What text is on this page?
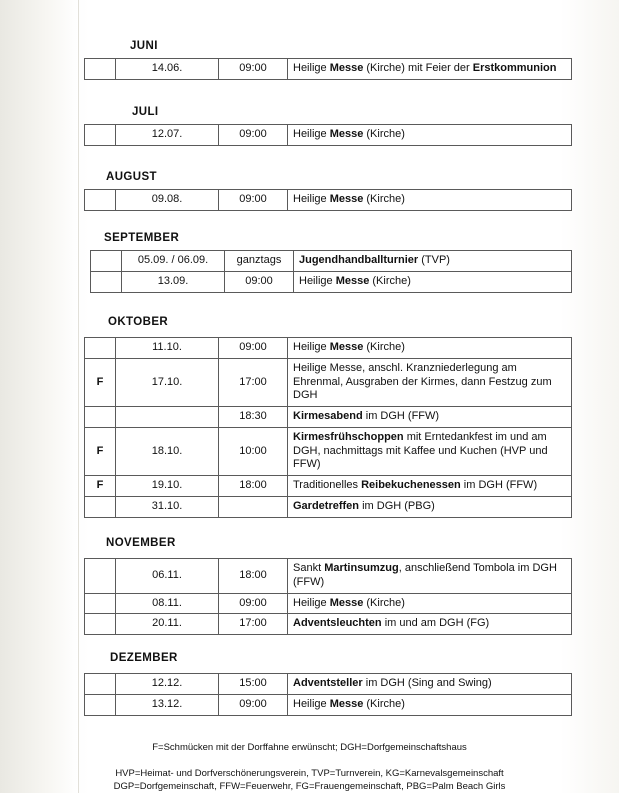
JUNI
	14.06.	09:00	Heilige Messe (Kirche) mit Feier der Erstkommunion
JULI
	12.07.	09:00	Heilige Messe (Kirche)
AUGUST
	09.08.	09:00	Heilige Messe (Kirche)
SEPTEMBER
	05.09. / 06.09.	ganztags	Jugendhandballturnier (TVP)
	13.09.	09:00	Heilige Messe (Kirche)
OKTOBER
	11.10.	09:00	Heilige Messe (Kirche)
F	17.10.	17:00	Heilige Messe, anschl. Kranzniederlegung am Ehrenmal, Ausgraben der Kirmes, dann Festzug zum DGH
		18:30	Kirmesabend im DGH (FFW)
F	18.10.	10:00	Kirmesfrühschoppen mit Erntedankfest im und am DGH, nachmittags mit Kaffee und Kuchen (HVP und FFW)
F	19.10.	18:00	Traditionelles Reibekuchenessen im DGH (FFW)
	31.10.		Gardetreffen im DGH (PBG)
NOVEMBER
	06.11.	18:00	Sankt Martinsumzug, anschließend Tombola im DGH (FFW)
	08.11.	09:00	Heilige Messe (Kirche)
	20.11.	17:00	Adventsleuchten im und am DGH (FG)
DEZEMBER
	12.12.	15:00	Adventsteller im DGH (Sing and Swing)
	13.12.	09:00	Heilige Messe (Kirche)
F=Schmücken mit der Dorffahne erwünscht; DGH=Dorfgemeinschaftshaus
HVP=Heimat- und Dorfverschönerungsverein, TVP=Turnverein, KG=Karnevalsgemeinschaft
DGP=Dorfgemeinschaft, FFW=Feuerwehr, FG=Frauengemeinschaft, PBG=Palm Beach Girls
